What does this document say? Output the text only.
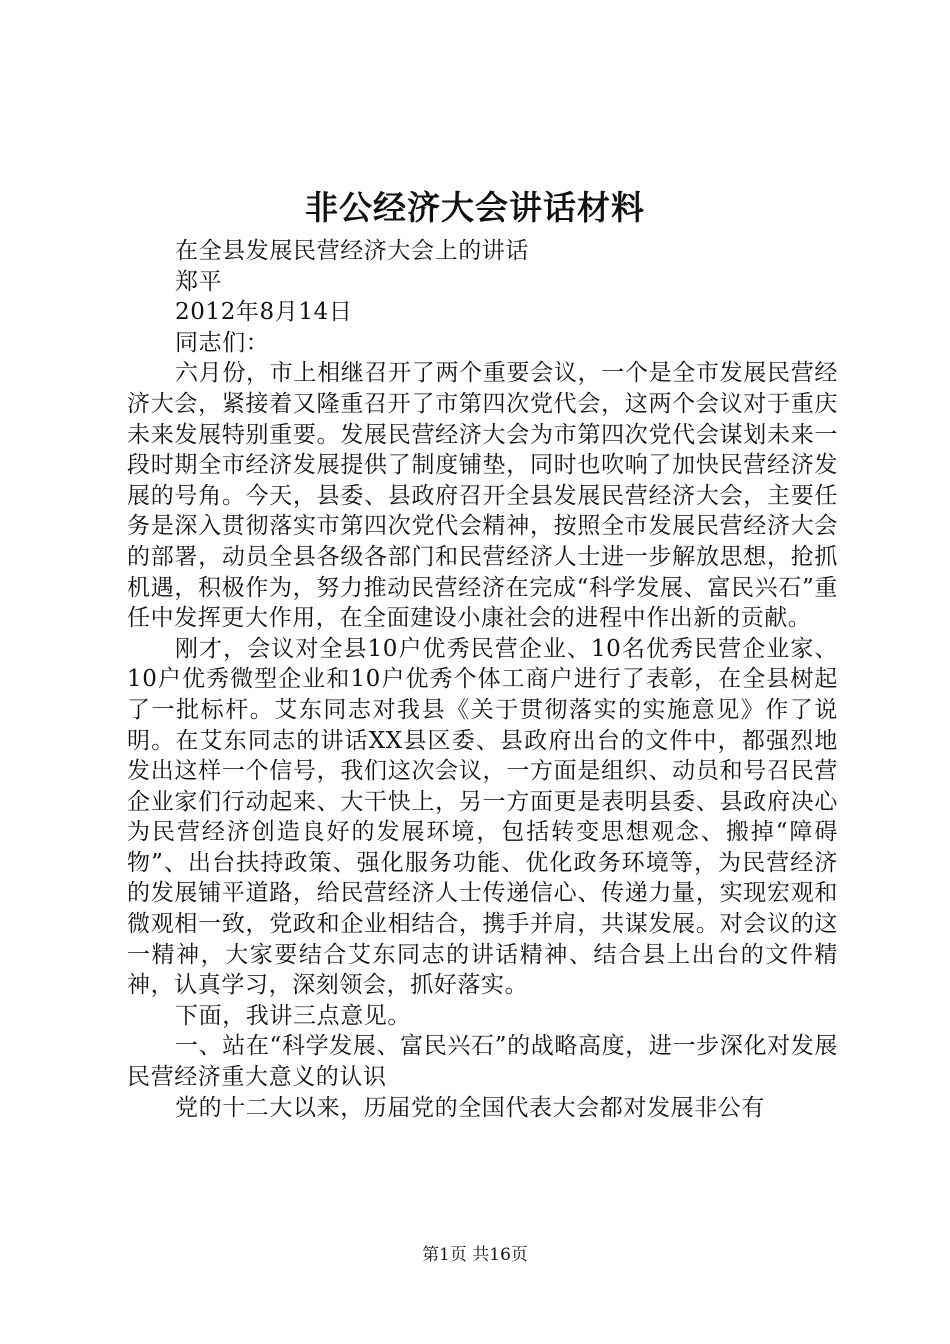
非公经济大会讲话材料

在全县发展民营经济大会上的讲话

郑平

2012年8月14日

同志们：

六月份，市上相继召开了两个重要会议，一个是全市发展民营经济大会，紧接着又隆重召开了市第四次党代会，这两个会议对于重庆未来发展特别重要。发展民营经济大会为市第四次党代会谋划未来一段时期全市经济发展提供了制度铺垫，同时也吹响了加快民营经济发展的号角。今天，县委、县政府召开全县发展民营经济大会，主要任务是深入贯彻落实市第四次党代会精神，按照全市发展民营经济大会的部署，动员全县各级各部门和民营经济人士进一步解放思想，抢抓机遇，积极作为，努力推动民营经济在完成“科学发展、富民兴石”重任中发挥更大作用，在全面建设小康社会的进程中作出新的贡献。

刚才，会议对全县10户优秀民营企业、10名优秀民营企业家、10户优秀微型企业和10户优秀个体工商户进行了表彰，在全县树起了一批标杆。艾东同志对我县《关于贯彻落实的实施意见》作了说明。在艾东同志的讲话XX县区委、县政府出台的文件中，都强烈地发出这样一个信号，我们这次会议，一方面是组织、动员和号召民营企业家们行动起来、大干快上，另一方面更是表明县委、县政府决心为民营经济创造良好的发展环境，包括转变思想观念、搬掉“障碍物”、出台扶持政策、强化服务功能、优化政务环境等，为民营经济的发展铺平道路，给民营经济人士传递信心、传递力量，实现宏观和微观相一致，党政和企业相结合，携手并肩，共谋发展。对会议的这一精神，大家要结合艾东同志的讲话精神、结合县上出台的文件精神，认真学习，深刻领会，抓好落实。

下面，我讲三点意见。

一、站在“科学发展、富民兴石”的战略高度，进一步深化对发展民营经济重大意义的认识

党的十二大以来，历届党的全国代表大会都对发展非公有

第1页 共16页
